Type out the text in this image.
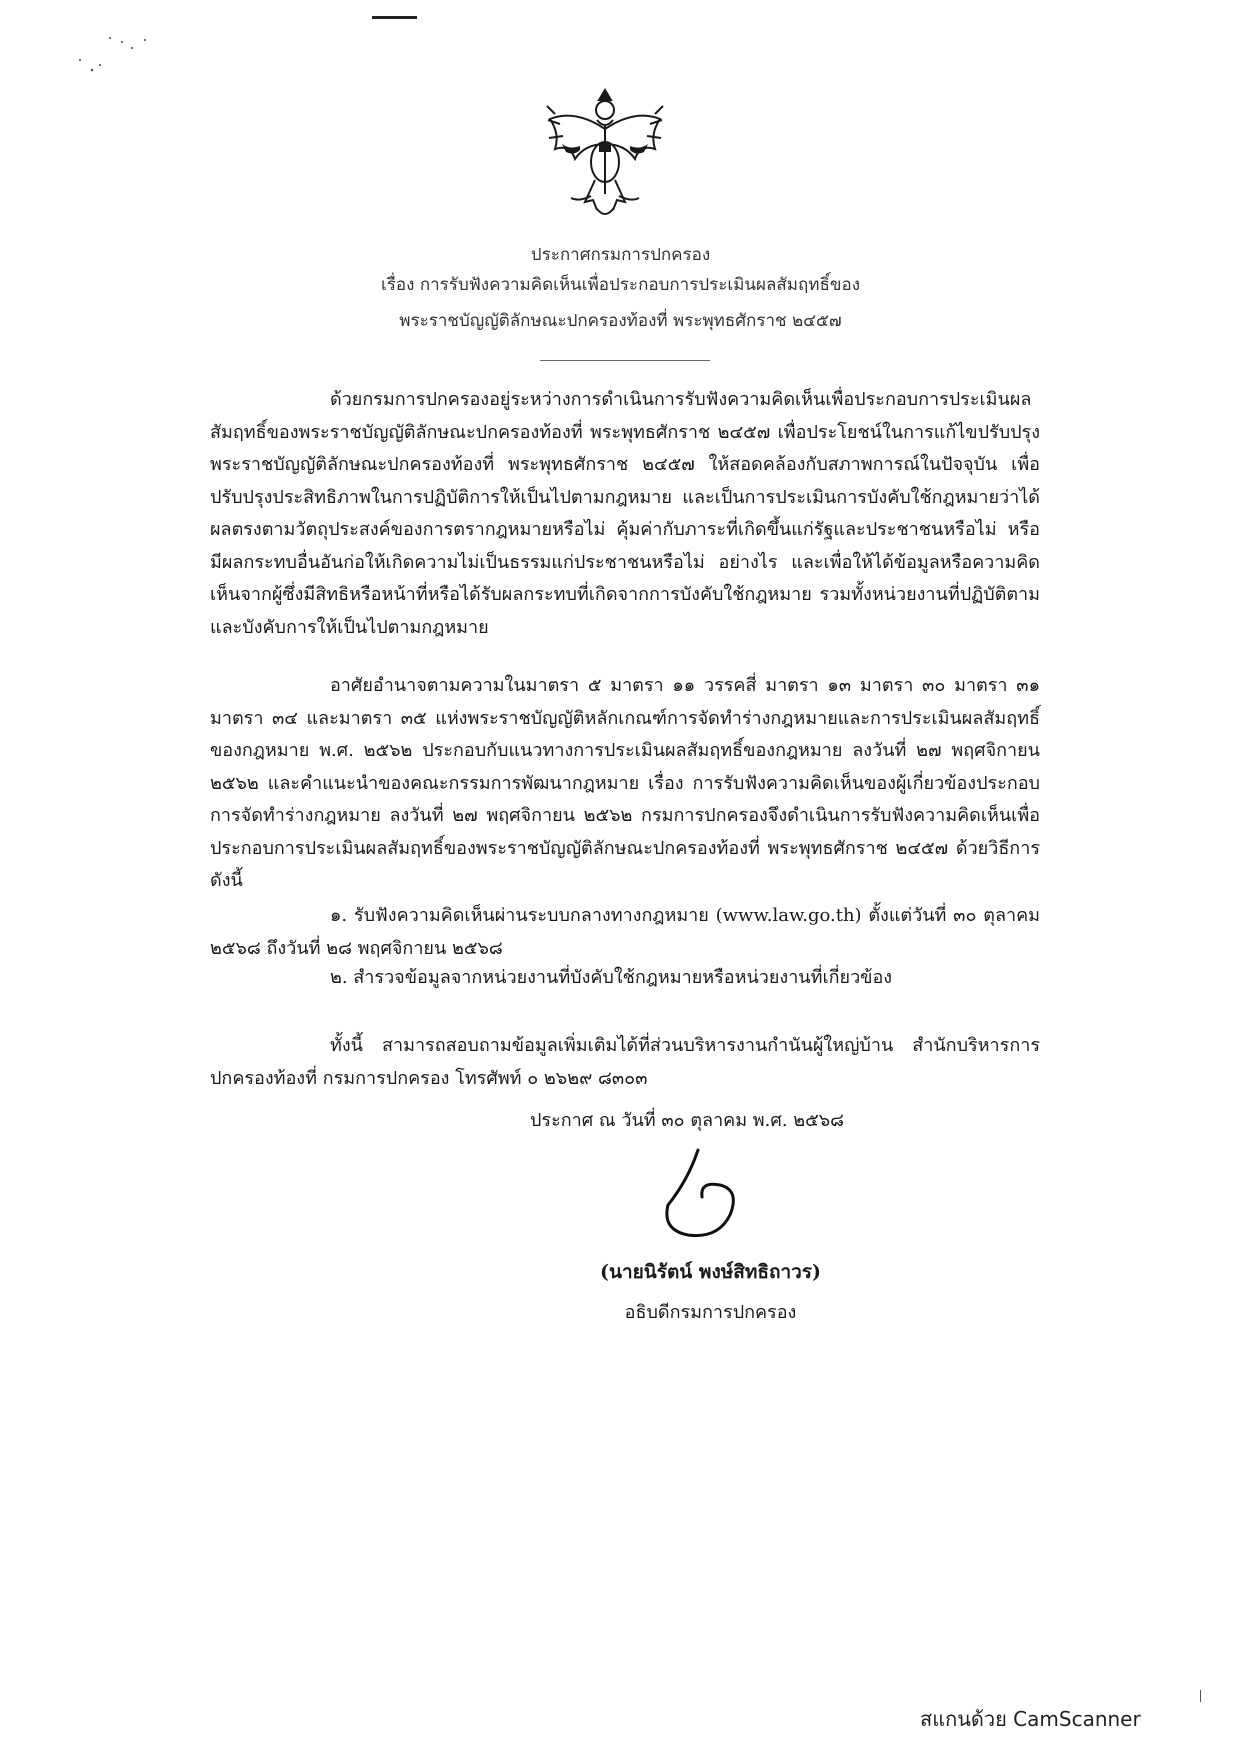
ประกาศกรมการปกครอง
เรื่อง การรับฟังความคิดเห็นเพื่อประกอบการประเมินผลสัมฤทธิ์ของ
พระราชบัญญัติลักษณะปกครองท้องที่ พระพุทธศักราช ๒๔๕๗

ด้วยกรมการปกครองอยู่ระหว่างการดำเนินการรับฟังความคิดเห็นเพื่อประกอบการประเมินผลสัมฤทธิ์ของพระราชบัญญัติลักษณะปกครองท้องที่ พระพุทธศักราช ๒๔๕๗ เพื่อประโยชน์ในการแก้ไขปรับปรุงพระราชบัญญัติลักษณะปกครองท้องที่ พระพุทธศักราช ๒๔๕๗ ให้สอดคล้องกับสภาพการณ์ในปัจจุบัน เพื่อปรับปรุงประสิทธิภาพในการปฏิบัติการให้เป็นไปตามกฎหมาย และเป็นการประเมินการบังคับใช้กฎหมายว่าได้ผลตรงตามวัตถุประสงค์ของการตรากฎหมายหรือไม่ คุ้มค่ากับภาระที่เกิดขึ้นแก่รัฐและประชาชนหรือไม่ หรือมีผลกระทบอื่นอันก่อให้เกิดความไม่เป็นธรรมแก่ประชาชนหรือไม่ อย่างไร และเพื่อให้ได้ข้อมูลหรือความคิดเห็นจากผู้ซึ่งมีสิทธิหรือหน้าที่หรือได้รับผลกระทบที่เกิดจากการบังคับใช้กฎหมาย รวมทั้งหน่วยงานที่ปฏิบัติตามและบังคับการให้เป็นไปตามกฎหมาย

อาศัยอำนาจตามความในมาตรา ๕ มาตรา ๑๑ วรรคสี่ มาตรา ๑๓ มาตรา ๓๐ มาตรา ๓๑ มาตรา ๓๔ และมาตรา ๓๕ แห่งพระราชบัญญัติหลักเกณฑ์การจัดทำร่างกฎหมายและการประเมินผลสัมฤทธิ์ของกฎหมาย พ.ศ. ๒๕๖๒ ประกอบกับแนวทางการประเมินผลสัมฤทธิ์ของกฎหมาย ลงวันที่ ๒๗ พฤศจิกายน ๒๕๖๒ และคำแนะนำของคณะกรรมการพัฒนากฎหมาย เรื่อง การรับฟังความคิดเห็นของผู้เกี่ยวข้องประกอบการจัดทำร่างกฎหมาย ลงวันที่ ๒๗ พฤศจิกายน ๒๕๖๒ กรมการปกครองจึงดำเนินการรับฟังความคิดเห็นเพื่อประกอบการประเมินผลสัมฤทธิ์ของพระราชบัญญัติลักษณะปกครองท้องที่ พระพุทธศักราช ๒๔๕๗ ด้วยวิธีการดังนี้

๑. รับฟังความคิดเห็นผ่านระบบกลางทางกฎหมาย (www.law.go.th) ตั้งแต่วันที่ ๓๐ ตุลาคม ๒๕๖๘ ถึงวันที่ ๒๘ พฤศจิกายน ๒๕๖๘

๒. สำรวจข้อมูลจากหน่วยงานที่บังคับใช้กฎหมายหรือหน่วยงานที่เกี่ยวข้อง

ทั้งนี้ สามารถสอบถามข้อมูลเพิ่มเติมได้ที่ส่วนบริหารงานกำนันผู้ใหญ่บ้าน สำนักบริหารการปกครองท้องที่ กรมการปกครอง โทรศัพท์ ๐ ๒๖๒๙ ๘๓๐๓

ประกาศ ณ วันที่ ๓๐ ตุลาคม พ.ศ. ๒๕๖๘
(นายนิรัตน์ พงษ์สิทธิถาวร)
อธิบดีกรมการปกครอง
สแกนด้วย CamScanner
